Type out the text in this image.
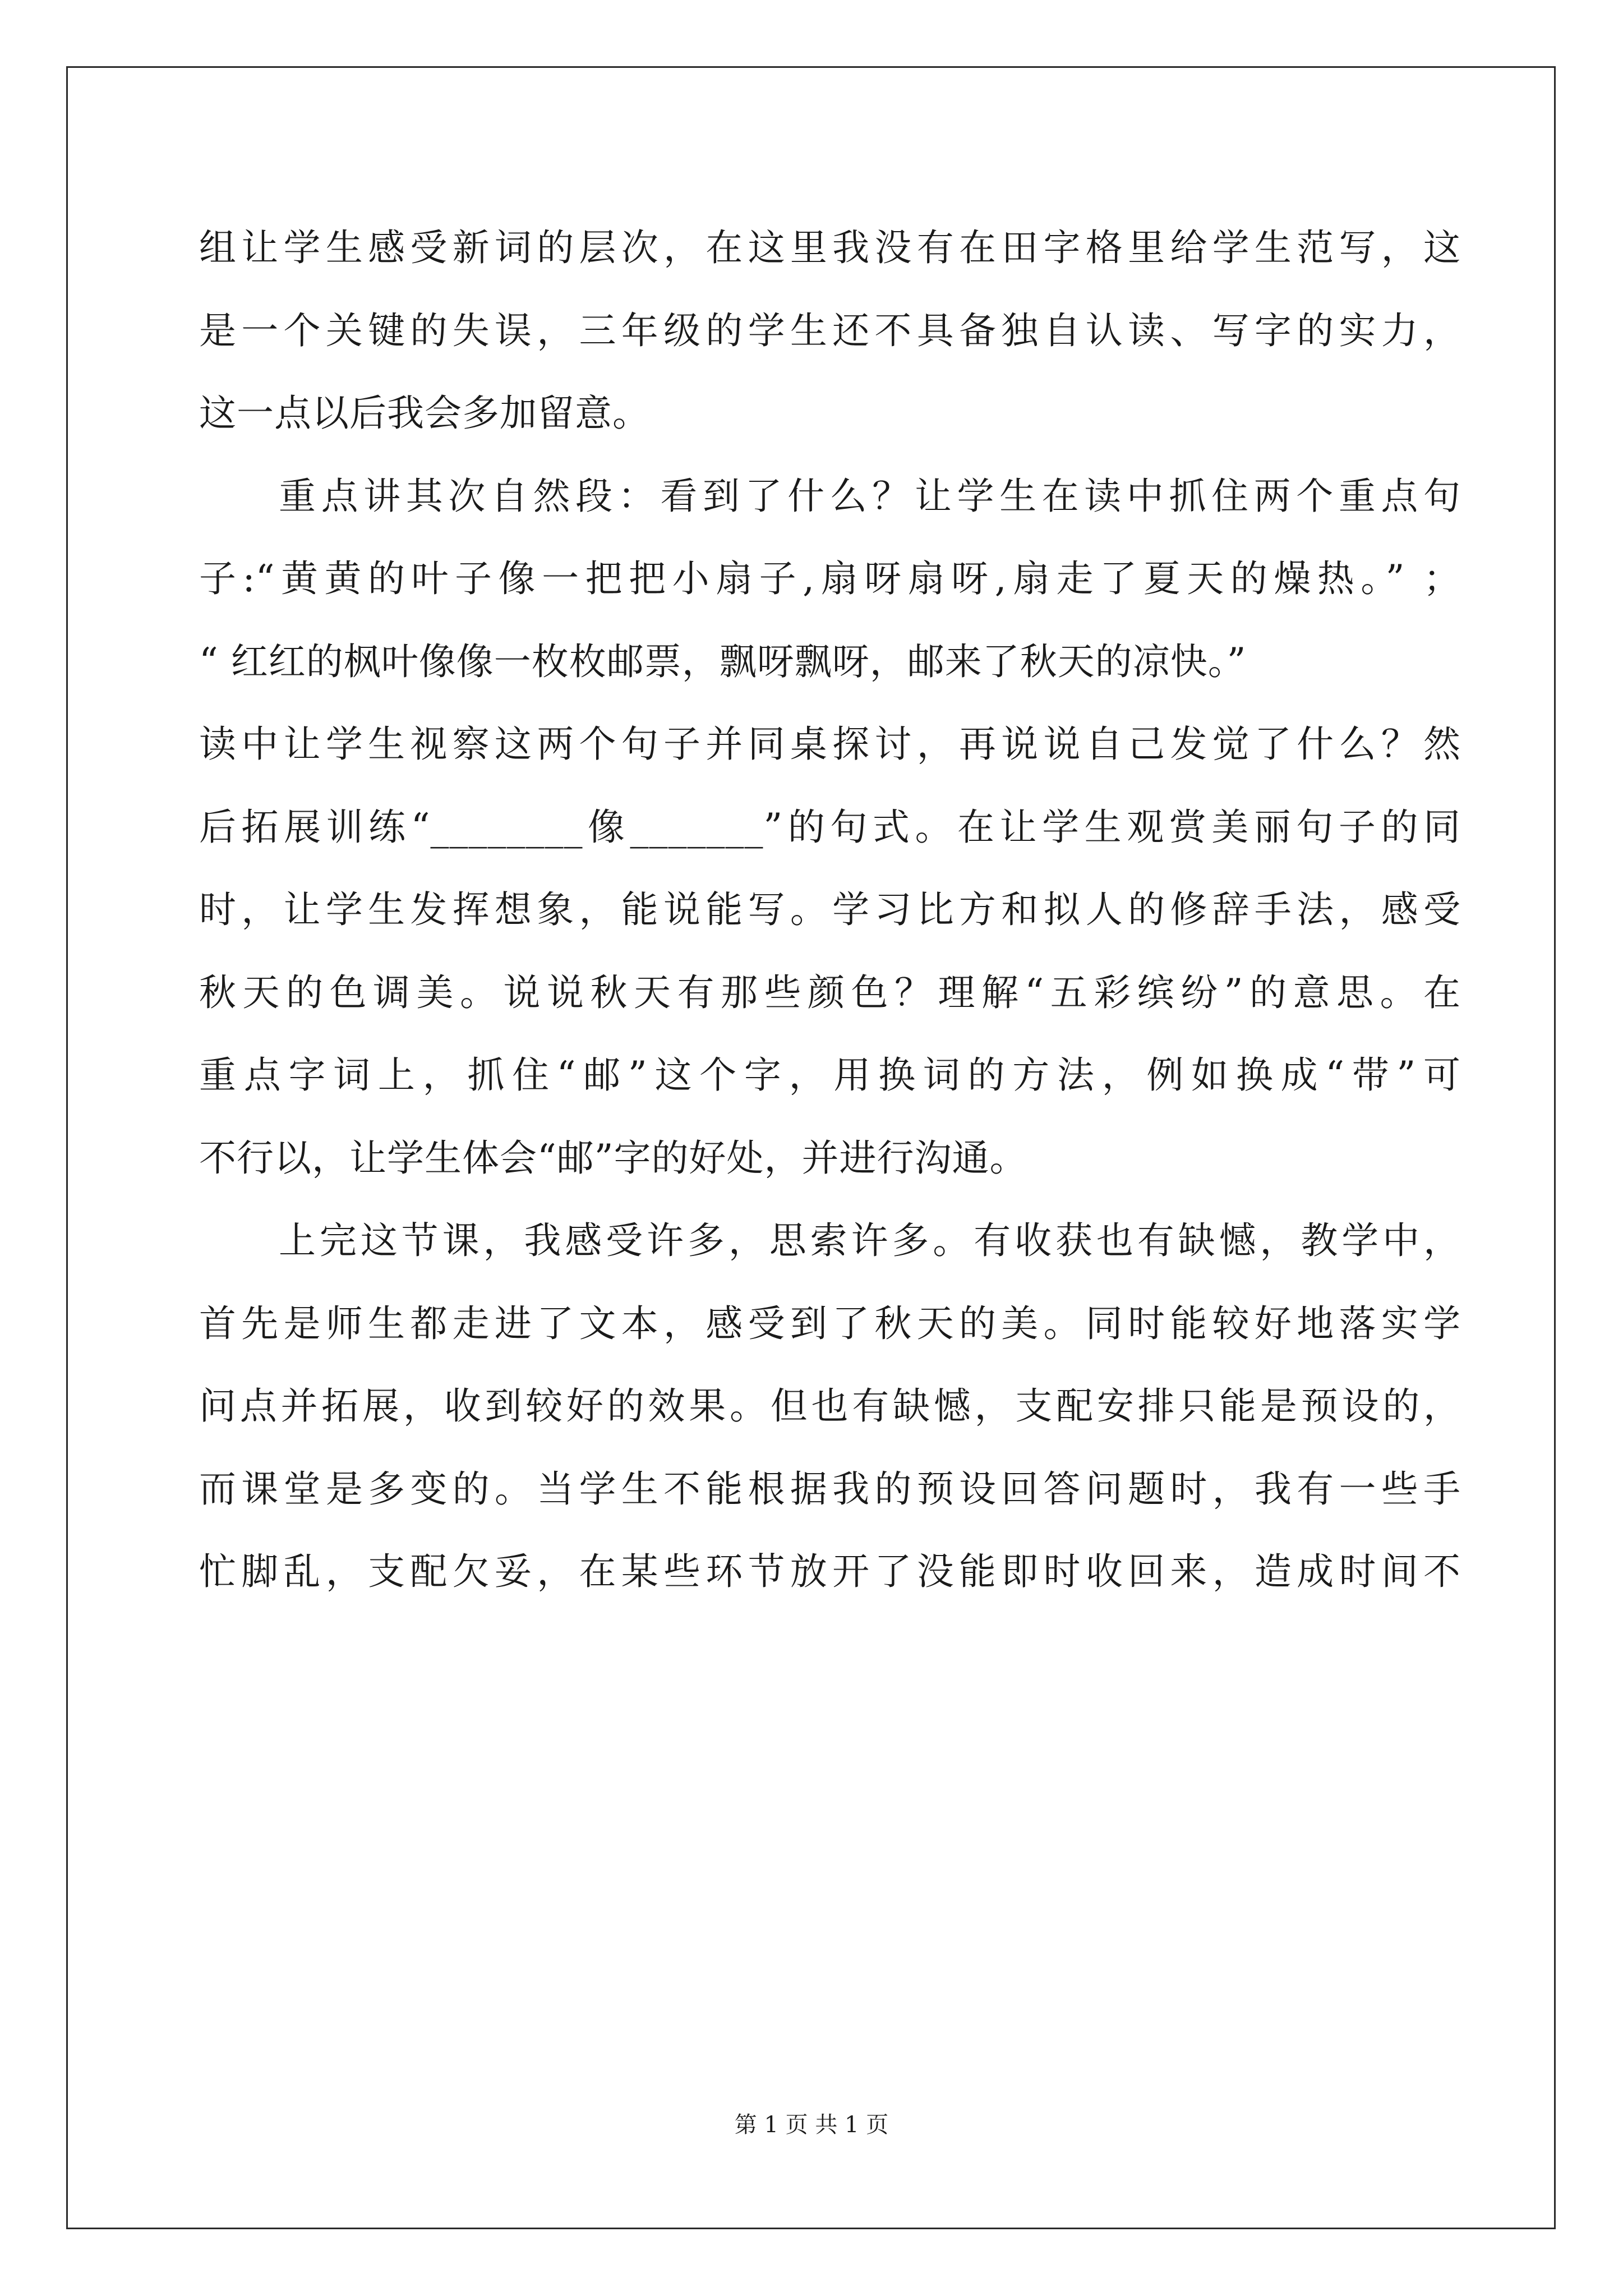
组让学生感受新词的层次，在这里我没有在田字格里给学生范写，这
是一个关键的失误，三年级的学生还不具备独自认读、写字的实力，
这一点以后我会多加留意。
重点讲其次自然段：看到了什么？让学生在读中抓住两个重点句
子:“黄黄的叶子像一把把小扇子,扇呀扇呀,扇走了夏天的燥热。” ；
“ 红红的枫叶像像一枚枚邮票，飘呀飘呀，邮来了秋天的凉快。”
读中让学生视察这两个句子并同桌探讨，再说说自己发觉了什么？然
后拓展训练“________像_______”的句式。在让学生观赏美丽句子的同
时，让学生发挥想象，能说能写。学习比方和拟人的修辞手法，感受
秋天的色调美。说说秋天有那些颜色？理解“五彩缤纷”的意思。在
重点字词上，抓住“邮”这个字，用换词的方法，例如换成“带”可
不行以，让学生体会“邮”字的好处，并进行沟通。
上完这节课，我感受许多，思索许多。有收获也有缺憾，教学中，
首先是师生都走进了文本，感受到了秋天的美。同时能较好地落实学
问点并拓展，收到较好的效果。但也有缺憾，支配安排只能是预设的，
而课堂是多变的。当学生不能根据我的预设回答问题时，我有一些手
忙脚乱，支配欠妥，在某些环节放开了没能即时收回来，造成时间不
第 1 页 共 1 页
